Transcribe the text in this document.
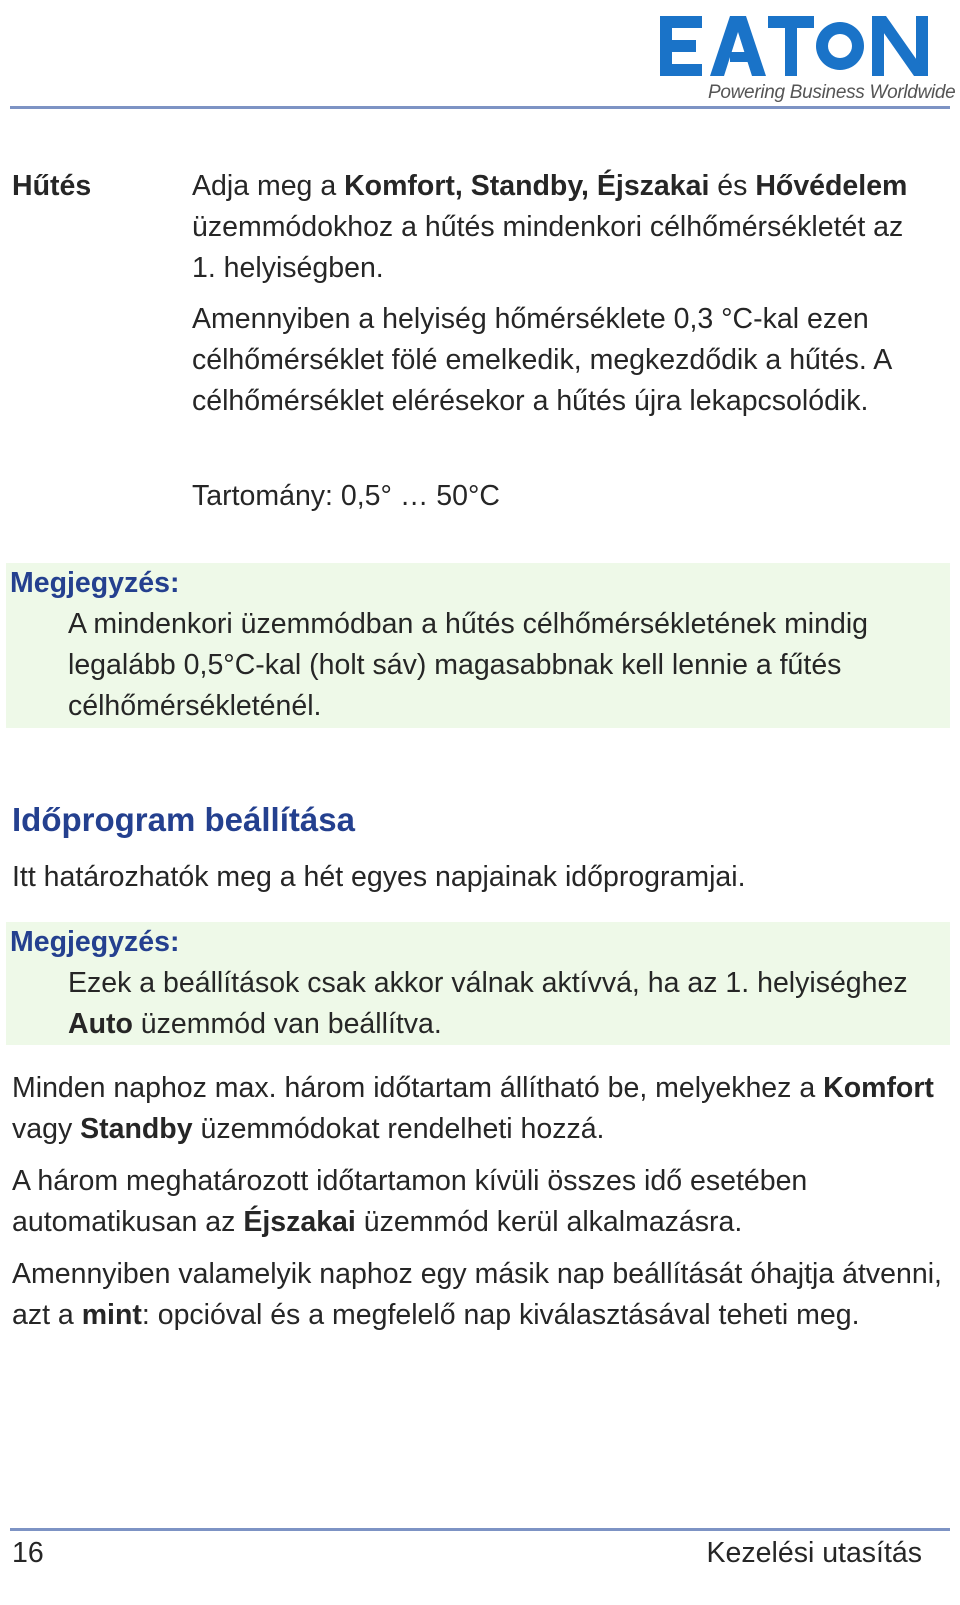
Powering Business Worldwide
Hűtés	Adja meg a Komfort, Standby, Éjszakai és Hővédelem üzemmódokhoz a hűtés mindenkori célhőmérsékletét az 1. helyiségben.

Amennyiben a helyiség hőmérséklete 0,3 °C-kal ezen célhőmérséklet fölé emelkedik, megkezdődik a hűtés. A célhőmérséklet elérésekor a hűtés újra lekapcsolódik.

Tartomány: 0,5° … 50°C

Megjegyzés:

A mindenkori üzemmódban a hűtés célhőmérsékletének mindig legalább 0,5°C-kal (holt sáv) magasabbnak kell lennie a fűtés célhőmérsékleténél.

Időprogram beállítása

Itt határozhatók meg a hét egyes napjainak időprogramjai.

Megjegyzés:

Ezek a beállítások csak akkor válnak aktívvá, ha az 1. helyiséghez Auto üzemmód van beállítva.

Minden naphoz max. három időtartam állítható be, melyekhez a Komfort vagy Standby üzemmódokat rendelheti hozzá.

A három meghatározott időtartamon kívüli összes idő esetében automatikusan az Éjszakai üzemmód kerül alkalmazásra.

Amennyiben valamelyik naphoz egy másik nap beállítását óhajtja átvenni, azt a mint: opcióval és a megfelelő nap kiválasztásával teheti meg.

16	Kezelési utasítás
